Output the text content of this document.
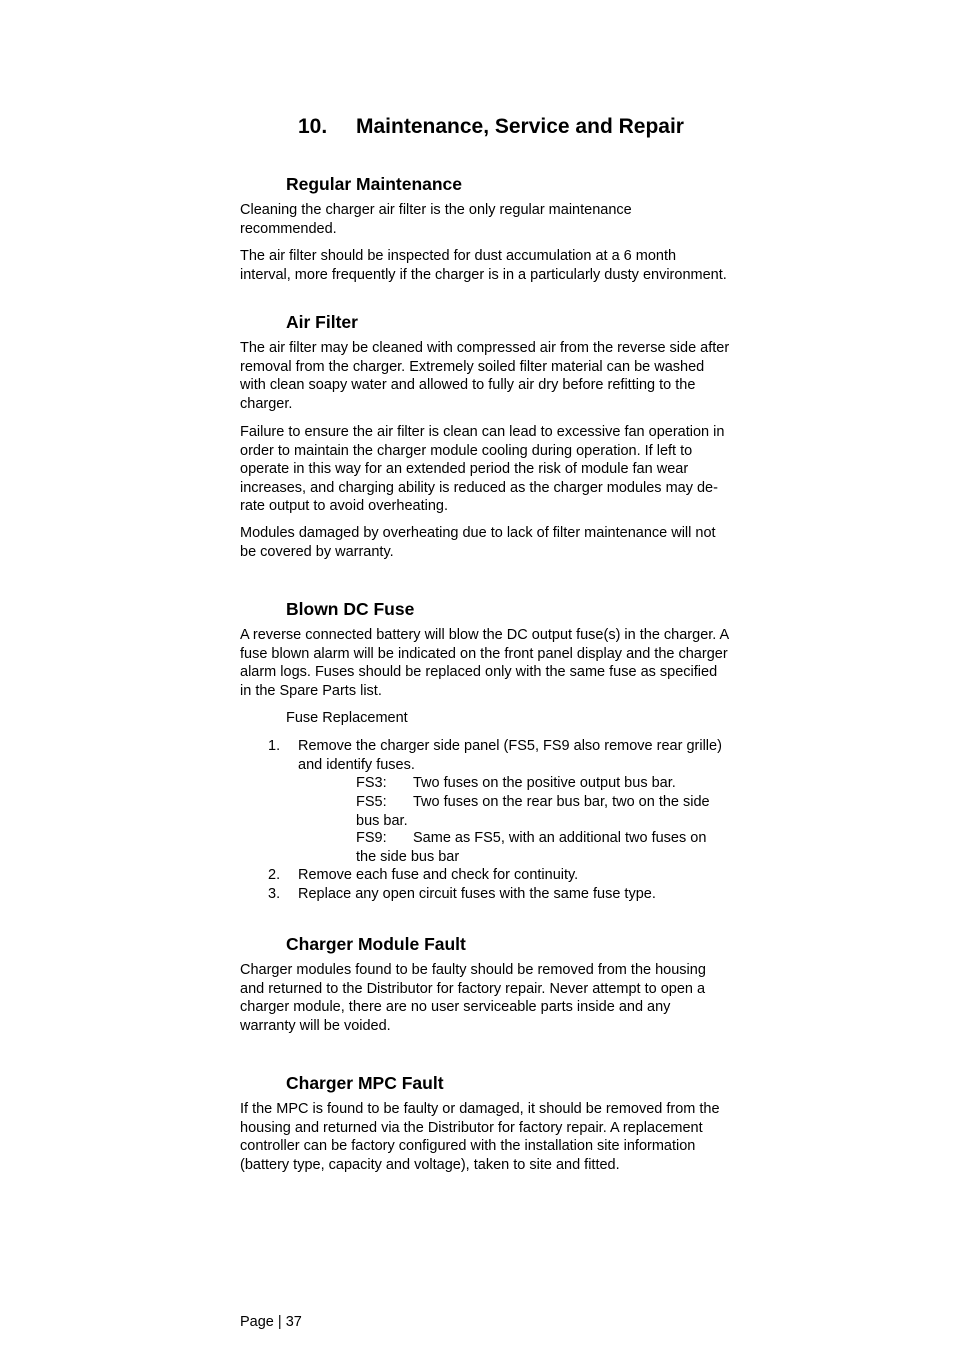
10. Maintenance, Service and Repair
Regular Maintenance
Cleaning the charger air filter is the only regular maintenance recommended.
The air filter should be inspected for dust accumulation at a 6 month interval, more frequently if the charger is in a particularly dusty environment.
Air Filter
The air filter may be cleaned with compressed air from the reverse side after removal from the charger. Extremely soiled filter material can be washed with clean soapy water and allowed to fully air dry before refitting to the charger.
Failure to ensure the air filter is clean can lead to excessive fan operation in order to maintain the charger module cooling during operation. If left to operate in this way for an extended period the risk of module fan wear increases, and charging ability is reduced as the charger modules may de-rate output to avoid overheating.
Modules damaged by overheating due to lack of filter maintenance will not be covered by warranty.
Blown DC Fuse
A reverse connected battery will blow the DC output fuse(s) in the charger. A fuse blown alarm will be indicated on the front panel display and the charger alarm logs. Fuses should be replaced only with the same fuse as specified in the Spare Parts list.
Fuse Replacement
1. Remove the charger side panel (FS5, FS9 also remove rear grille) and identify fuses.
FS3: Two fuses on the positive output bus bar.
FS5: Two fuses on the rear bus bar, two on the side bus bar.
FS9: Same as FS5, with an additional two fuses on the side bus bar
2. Remove each fuse and check for continuity.
3. Replace any open circuit fuses with the same fuse type.
Charger Module Fault
Charger modules found to be faulty should be removed from the housing and returned to the Distributor for factory repair. Never attempt to open a charger module, there are no user serviceable parts inside and any warranty will be voided.
Charger MPC Fault
If the MPC is found to be faulty or damaged, it should be removed from the housing and returned via the Distributor for factory repair. A replacement controller can be factory configured with the installation site information (battery type, capacity and voltage), taken to site and fitted.
Page | 37
